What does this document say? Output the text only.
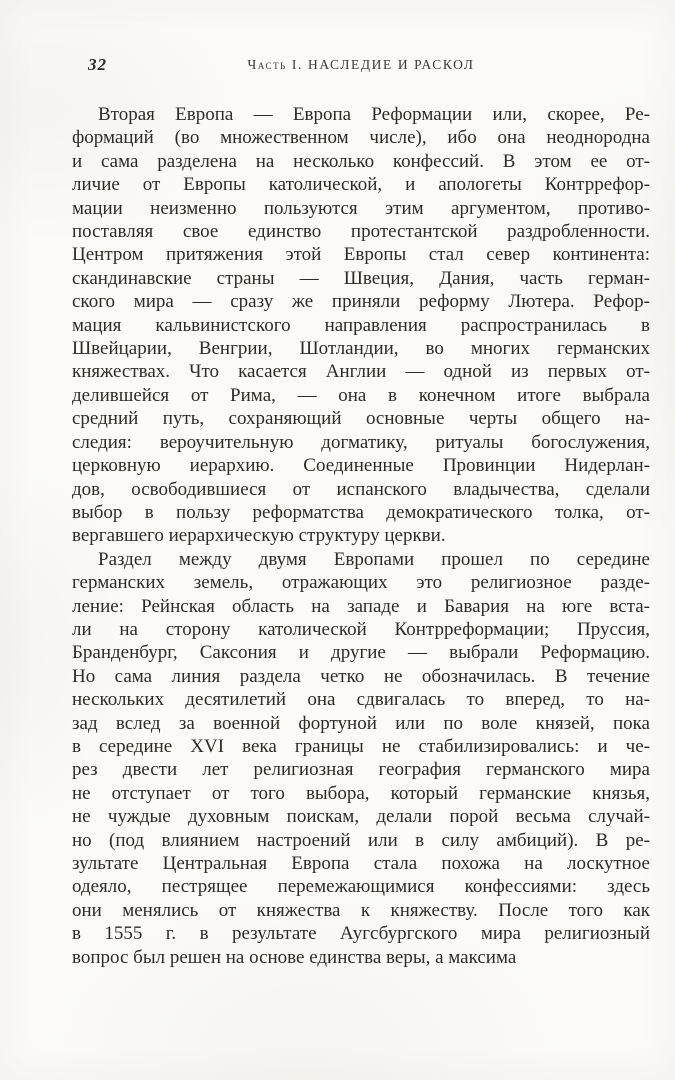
32	Часть I. НАСЛЕДИЕ И РАСКОЛ
Вторая Европа — Европа Реформации или, скорее, Ре-
формаций (во множественном числе), ибо она неоднородна
и сама разделена на несколько конфессий. В этом ее от-
личие от Европы католической, и апологеты Контррефор-
мации неизменно пользуются этим аргументом, противо-
поставляя свое единство протестантской раздробленности.
Центром притяжения этой Европы стал север континента:
скандинавские страны — Швеция, Дания, часть герман-
ского мира — сразу же приняли реформу Лютера. Рефор-
мация кальвинистского направления распространилась в
Швейцарии, Венгрии, Шотландии, во многих германских
княжествах. Что касается Англии — одной из первых от-
делившейся от Рима, — она в конечном итоге выбрала
средний путь, сохраняющий основные черты общего на-
следия: вероучительную догматику, ритуалы богослужения,
церковную иерархию. Соединенные Провинции Нидерлан-
дов, освободившиеся от испанского владычества, сделали
выбор в пользу реформатства демократического толка, от-
вергавшего иерархическую структуру церкви.
Раздел между двумя Европами прошел по середине
германских земель, отражающих это религиозное разде-
ление: Рейнская область на западе и Бавария на юге вста-
ли на сторону католической Контрреформации; Пруссия,
Бранденбург, Саксония и другие — выбрали Реформацию.
Но сама линия раздела четко не обозначилась. В течение
нескольких десятилетий она сдвигалась то вперед, то на-
зад вслед за военной фортуной или по воле князей, пока
в середине XVI века границы не стабилизировались: и че-
рез двести лет религиозная география германского мира
не отступает от того выбора, который германские князья,
не чуждые духовным поискам, делали порой весьма случай-
но (под влиянием настроений или в силу амбиций). В ре-
зультате Центральная Европа стала похожа на лоскутное
одеяло, пестрящее перемежающимися конфессиями: здесь
они менялись от княжества к княжеству. После того как
в 1555 г. в результате Аугсбургского мира религиозный
вопрос был решен на основе единства веры, а максима
